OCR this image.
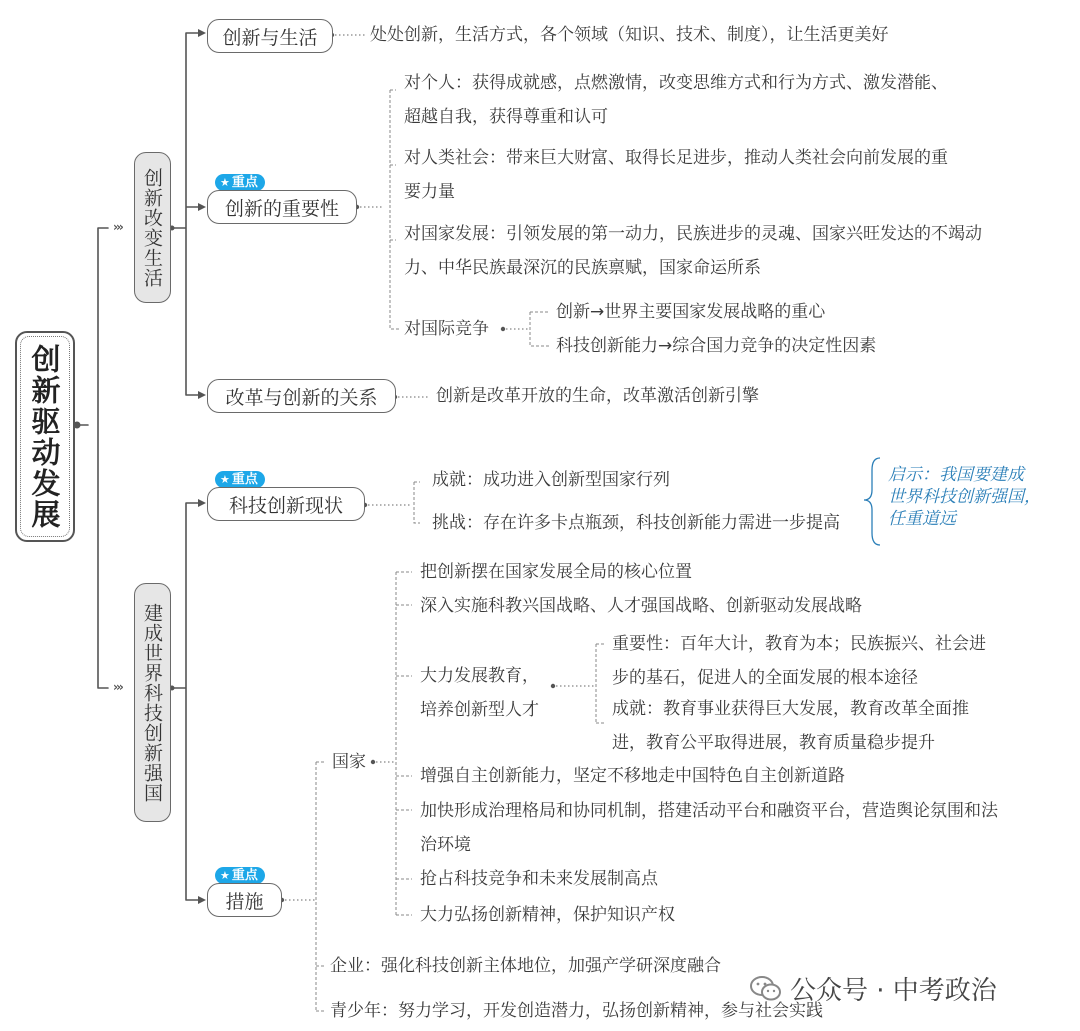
›››
›››
创新驱动发展
创新改变生活
建成世界科技创新强国
创新与生活
★ 重点
创新的重要性
改革与创新的关系
★ 重点
科技创新现状
★ 重点
措施
处处创新，生活方式，各个领域（知识、技术、制度），让生活更美好
对个人：获得成就感，点燃激情，改变思维方式和行为方式、激发潜能、超越自我，获得尊重和认可
对人类社会：带来巨大财富、取得长足进步，推动人类社会向前发展的重要力量
对国家发展：引领发展的第一动力，民族进步的灵魂、国家兴旺发达的不竭动力、中华民族最深沉的民族禀赋，国家命运所系
对国际竞争
创新→世界主要国家发展战略的重心
科技创新能力→综合国力竞争的决定性因素
创新是改革开放的生命，改革激活创新引擎
成就：成功进入创新型国家行列
挑战：存在许多卡点瓶颈，科技创新能力需进一步提高
启示：我国要建成
世界科技创新强国，
任重道远
国家
把创新摆在国家发展全局的核心位置
深入实施科教兴国战略、人才强国战略、创新驱动发展战略
大力发展教育，培养创新型人才
重要性：百年大计，教育为本；民族振兴、社会进步的基石，促进人的全面发展的根本途径
成就：教育事业获得巨大发展，教育改革全面推进，教育公平取得进展，教育质量稳步提升
增强自主创新能力，坚定不移地走中国特色自主创新道路
加快形成治理格局和协同机制，搭建活动平台和融资平台，营造舆论氛围和法治环境
抢占科技竞争和未来发展制高点
大力弘扬创新精神，保护知识产权
企业：强化科技创新主体地位，加强产学研深度融合
青少年：努力学习，开发创造潜力，弘扬创新精神，参与社会实践
公众号 · 中考政治
